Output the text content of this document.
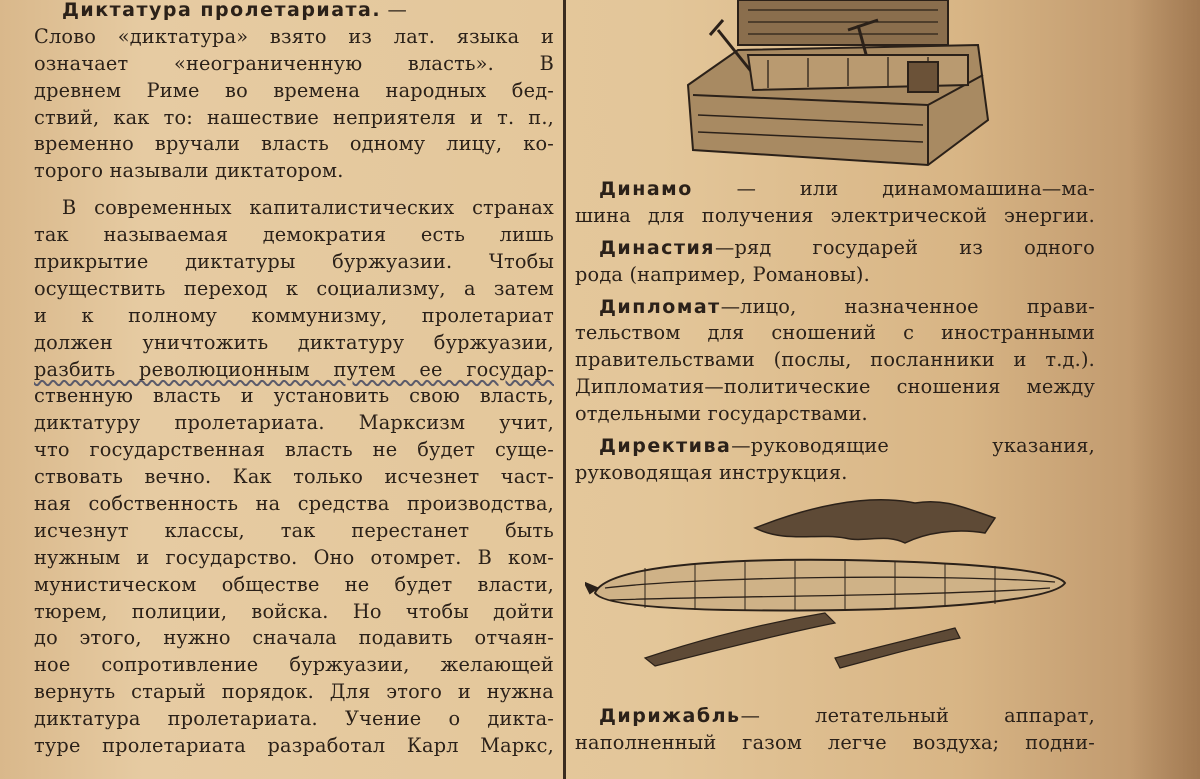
Диктатура пролетариата. —
Слово «диктатура» взято из лат. языка и
означает «неограниченную власть». В
древнем Риме во времена народных бед-
ствий, как то: нашествие неприятеля и т. п.,
временно вручали власть одному лицу, ко-
торого называли диктатором.
В современных капиталистических странах
так называемая демократия есть лишь
прикрытие диктатуры буржуазии. Чтобы
осуществить переход к социализму, а затем
и к полному коммунизму, пролетариат
должен уничтожить диктатуру буржуазии,
разбить революционным путем ее государ-
ственную власть и установить свою власть,
диктатуру пролетариата. Марксизм учит,
что государственная власть не будет суще-
ствовать вечно. Как только исчезнет част-
ная собственность на средства производства,
исчезнут классы, так перестанет быть
нужным и государство. Оно отомрет. В ком-
мунистическом обществе не будет власти,
тюрем, полиции, войска. Но чтобы дойти
до этого, нужно сначала подавить отчаян-
ное сопротивление буржуазии, желающей
вернуть старый порядок. Для этого и нужна
диктатура пролетариата. Учение о дикта-
туре пролетариата разработал Карл Маркс,
Динамо — или динамомашина—ма-
шина для получения электрической энергии.
Династия—ряд государей из одного
рода (например, Романовы).
Дипломат—лицо, назначенное прави-
тельством для сношений с иностранными
правительствами (послы, посланники и т.д.).
Дипломатия—политические сношения между
отдельными государствами.
Директива—руководящие указания,
руководящая инструкция.
Дирижабль— летательный аппарат,
наполненный газом легче воздуха; подни-
